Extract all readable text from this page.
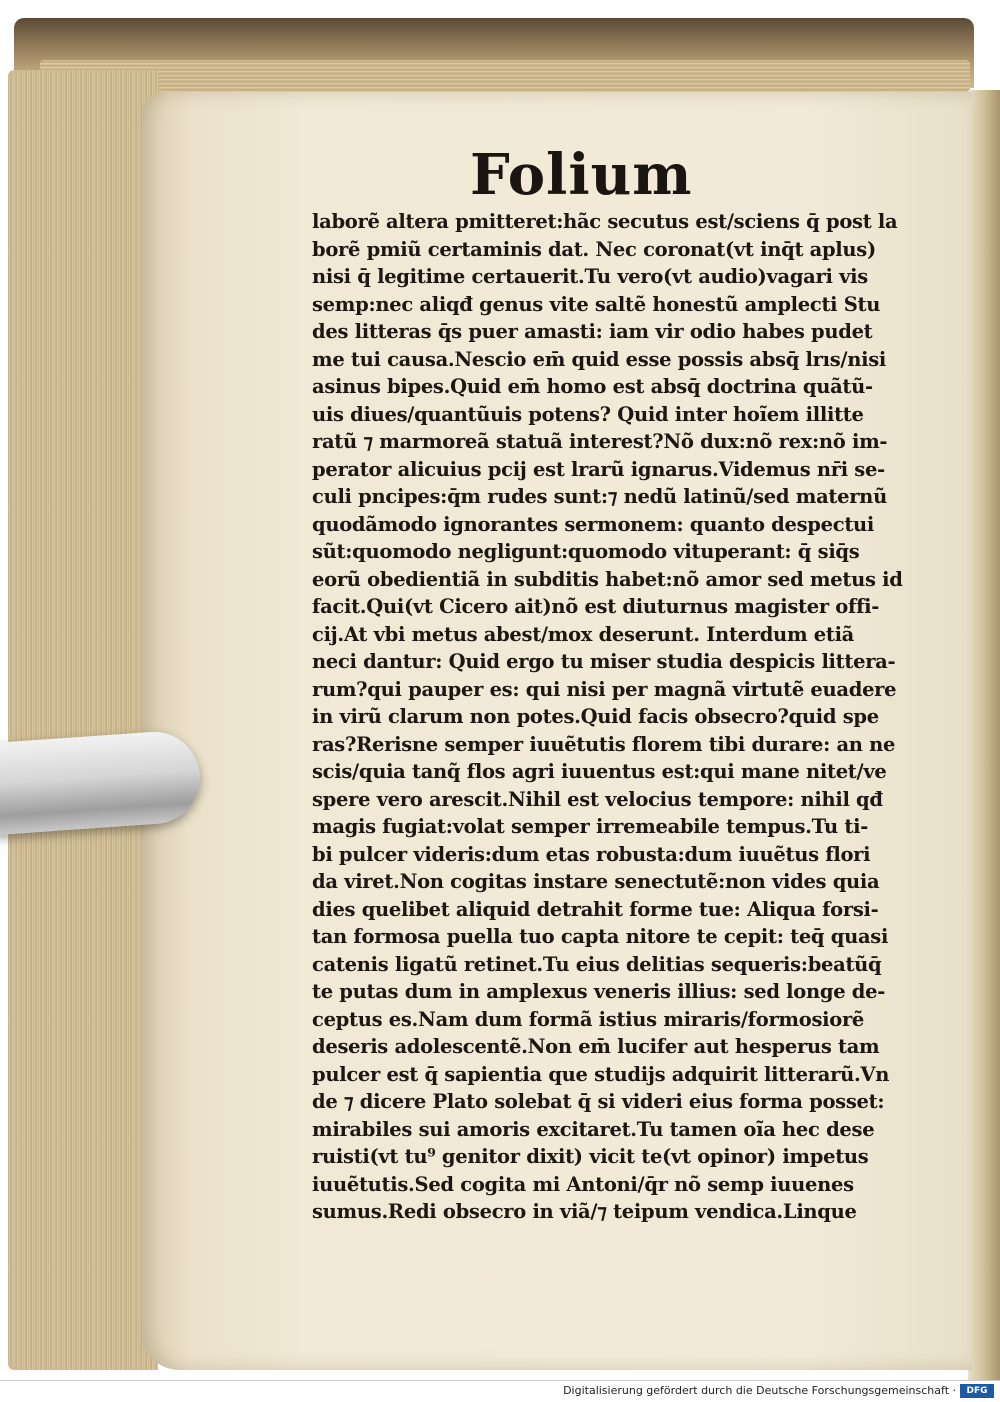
Folium
laborẽ altera pmitteret:hãc secutus est/sciens q̄ post la
borẽ pmiũ certaminis dat. Nec coronat(vt inq̄t aplus)
nisi q̄ legitime certauerit.Tu vero(vt audio)vagari vis
semp:nec aliqđ genus vite saltẽ honestũ amplecti Stu
des litteras q̄s puer amasti: iam vir odio habes pudet
me tui causa.Nescio em̄ quid esse possis absq̄ lrıs/nisi
asinus bipes.Quid em̄ homo est absq̄ doctrina quãtũ-
uis diues/quantũuis potens? Quid inter hoĩem illitte
ratũ ⁊ marmoreã statuã interest?Nõ dux:nõ rex:nõ im-
perator alicuius pcij est lrarũ ignarus.Videmus nr̄i se-
culi pncipes:q̄m rudes sunt:⁊ nedũ latinũ/sed maternũ
quodãmodo ignorantes sermonem: quanto despectui
sũt:quomodo negligunt:quomodo vituperant: q̄ siq̄s
eorũ obedientiã in subditis habet:nõ amor sed metus id
facit.Qui(vt Cicero ait)nõ est diuturnus magister offi-
cij.At vbi metus abest/mox deserunt. Interdum etiã
neci dantur: Quid ergo tu miser studia despicis littera-
rum?qui pauper es: qui nisi per magnã virtutẽ euadere
in virũ clarum non potes.Quid facis obsecro?quid spe
ras?Rerisne semper iuuẽtutis florem tibi durare: an ne
scis/quia tanq̃ flos agri iuuentus est:qui mane nitet/ve
spere vero arescit.Nihil est velocius tempore: nihil qđ
magis fugiat:volat semper irremeabile tempus.Tu ti-
bi pulcer videris:dum etas robusta:dum iuuẽtus flori
da viret.Non cogitas instare senectutẽ:non vides quia
dies quelibet aliquid detrahit forme tue: Aliqua forsi-
tan formosa puella tuo capta nitore te cepit: teq̄ quasi
catenis ligatũ retinet.Tu eius delitias sequeris:beatũq̄
te putas dum in amplexus veneris illius: sed longe de-
ceptus es.Nam dum formã istius miraris/formosiorẽ
deseris adolescentẽ.Non em̄ lucifer aut hesperus tam
pulcer est q̄ sapientia que studijs adquirit litterarũ.Vn
de ⁊ dicere Plato solebat q̄ si videri eius forma posset:
mirabiles sui amoris excitaret.Tu tamen oĩa hec dese
ruisti(vt tu⁹ genitor dixit) vicit te(vt opinor) impetus
iuuẽtutis.Sed cogita mi Antoni/q̄r nõ semp iuuenes
sumus.Redi obsecro in viã/⁊ teipum vendica.Linque
Digitalisierung gefördert durch die Deutsche Forschungsgemeinschaft ·	DFG
